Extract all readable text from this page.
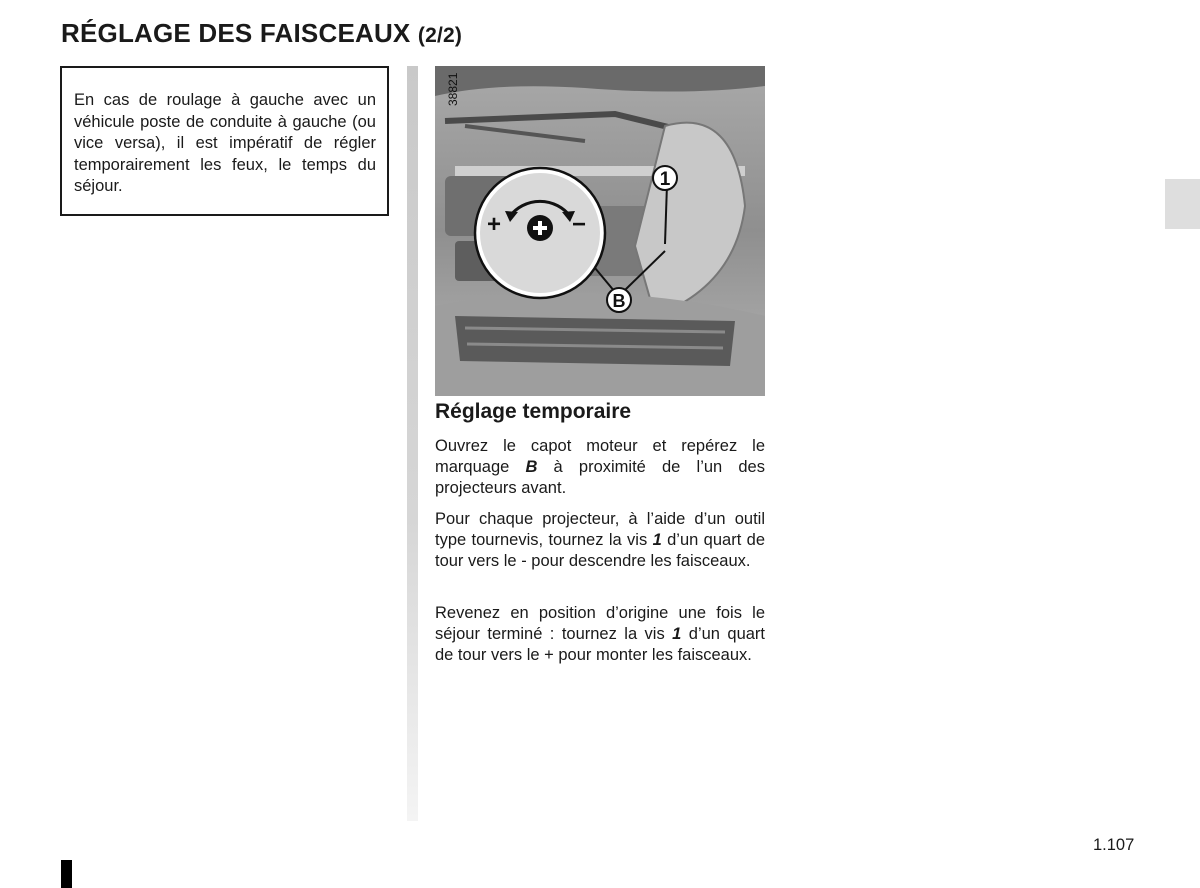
RÉGLAGE DES FAISCEAUX (2/2)

En cas de roulage à gauche avec un véhicule poste de conduite à gauche (ou vice versa), il est impératif de régler temporairement les feux, le temps du séjour.

38821
+	−
1
B
Réglage temporaire

Ouvrez le capot moteur et repérez le marquage B à proximité de l’un des projecteurs avant.

Pour chaque projecteur, à l’aide d’un outil type tournevis, tournez la vis 1 d’un quart de tour vers le - pour descendre les faisceaux.

Revenez en position d’origine une fois le séjour terminé : tournez la vis 1 d’un quart de tour vers le + pour monter les faisceaux.

1.107
